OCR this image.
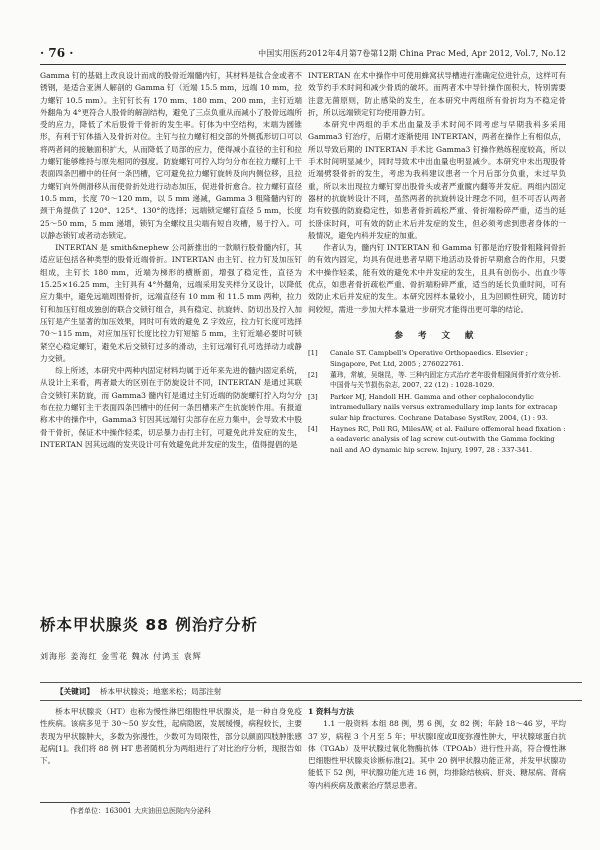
· 76 ·	中国实用医药2012年4月第7卷第12期 China Prac Med, Apr 2012, Vol.7, No.12

Gamma 钉的基础上改良设计而成的股骨近端髓内钉，其材料是钛合金或者不锈钢，是适合亚洲人解剖的 Gamma 钉（近端 15.5 mm，远端 10 mm，拉力螺钉 10.5 mm）。主钉钉长有 170 mm、180 mm、200 mm，主钉近端外翻角为 4°更符合人股骨的解剖结构，避免了三点负重从而减小了股骨远端所受的应力，降低了术后股骨干骨折的发生率。钉体为中空结构，末端为圆锥形，有利于钉体插入及骨折对位。主钉与拉力螺钉相交部的外侧孤形切口可以将两者间的接触面积扩大，从而降低了局部的应力，使得减小直径的主钉和拉力螺钉能够维持与原先相同的强度。防旋螺钉可拧入均匀分布在拉力螺钉上干表面四条凹槽中的任何一条凹槽，它可避免拉力螺钉旋转及向内侧位移，且拉力螺钉向外侧滑移从而使骨折处进行动态加压，促进骨折愈合。拉力螺钉直径 10.5 mm，长度 70～120 mm，以 5 mm 递减，Gamma 3 粗隆髓内钉的颈干角提供了 120°、125°、130°的选择；远端锁定螺钉直径 5 mm，长度 25～50 mm，5 mm 递增，锁钉为全螺纹且尖端有短自攻槽，易于拧入。可以静态锁钉或者动态锁定。

INTERTAN 是 smith&nephew 公司新推出的一款顺行股骨髓内钉，其适应证包括各种类型的股骨近端骨折。INTERTAN 由主钉、拉力钉及加压钉组成，主钉长 180 mm，近端为梯形的横断面，增强了稳定性，直径为 15.25×16.25 mm，主钉具有 4°外翻角，远端采用发夹样分叉设计，以降低应力集中，避免远端周围骨折，远端直径有 10 mm 和 11.5 mm 两种，拉力钉和加压钉组成独创的联合交锁钉组合，具有稳定、抗旋转、防切出及拧入加压钉是产生显著的加压效果，同时可有效的避免 Z 字效应，拉力钉长度可选择 70～115 mm，对应加压钉长度比拉力钉短缩 5 mm，主钉近端必要时可锁紧空心稳定螺钉，避免术后交锁钉过多的滑动，主钉远端钉孔可选择动力或静力交锁。

综上所述，本研究中两种内固定材料均属于近年来先进的髓内固定系统，从设计上来看，两者最大的区别在于防旋设计不同，INTERTAN 是通过其联合交锁钉来防旋，而 Gamma3 髓内钉是通过主钉近端的防旋螺钉拧入均匀分布在拉力螺钉主干表面四条凹槽中的任何一条凹槽来产生抗旋转作用。有报道称术中的操作中，Gamma3 钉因其远端钉尖部存在应力集中，会导致术中股骨干骨折，保证术中操作轻柔，切忌暴力击打主钉，可避免此并发症的发生，INTERTAN 因其远端的发夹设计可有效避免此并发症的发生，值得提倡的是

INTERTAN 在术中操作中可使用蜂窝状导槽进行准确定位进针点，这样可有效节约手术时间和减少骨质的破坏。而两者术中导针操作面积大，特别需要注意无菌原则，防止感染的发生，在本研究中两组所有骨折均为不稳定骨折，所以远端锁定钉均使用静力钉。

本研究中两组的手术出血量及手术时间不同考虑与早期我科多采用 Gamma3 钉治疗，后期才逐渐使用 INTERTAN，两者在操作上有相似点，所以导致后期的 INTERTAN 手术比 Gamma3 钉操作熟练程度较高，所以手术时间明显减少，同时导致术中出血量也明显减少。本研究中未出现股骨近端劈裂骨折的发生，考虑为我科建议患者一个月后部分负重，未过早负重，所以未出现拉力螺钉穿出股骨头或者严重髋内翻等并发症。两组内固定器材的抗旋转设计不同，虽然两者的抗旋转设计理念不同，但不可否认两者均有较强的防旋稳定性，如患者骨折疏松严重、骨折端粉碎严重，适当的延长卧床时间，可有效的防止术后并发症的发生，但必须考虑到患者身体的一般情况，避免内科并发症的加重。

作者认为，髓内钉 INTERTAN 和 Gamma 钉都是治疗股骨粗隆间骨折的有效内固定，均具有促进患者早期下地活动及骨折早期愈合的作用，只要术中操作轻柔，能有效的避免术中并发症的发生，且具有创伤小、出血少等优点，如患者骨折疏松严重、骨折端粉碎严重，适当的延长负重时间，可有效防止术后并发症的发生。本研究因样本量较小，且为回顾性研究，随访时间较短，需进一步加大样本量进一步研究才能得出更可靠的结论。

参 考 文 献
[1]	Canale ST. Campbell's Operative Orthopaedics. Elsevier ; Singapore, Pet Ltd, 2005 ; 276022761.
[2]	董玮，常敏，吴继昆，等. 三种内固定方式治疗老年股骨粗隆间骨折疗效分析. 中国骨与关节损伤杂志, 2007, 22 (12) : 1028-1029.
[3]	Parker MJ, Handoll HH. Gamma and other cephalocondylic intramedullary nails versus extramedullary imp lants for extracap sular hip fractures. Cochrane Database SystRev, 2004, (1) : 93.
[4]	Haynes RC, Poll RG, MilesAW, et al. Failure offemoral head fixation : a eadaveric analysis of lag screw cut-outwith the Gamma focking nail and AO dynamic hip screw. Injury, 1997, 28 : 337-341.
桥本甲状腺炎 88 例治疗分析
刘海彤 姜海红 金雪花 魏冰 付鸿玉 袁辉
【关键词】 桥本甲状腺炎；地塞米松；局部注射

桥本甲状腺炎（HT）也称为慢性淋巴细胞性甲状腺炎，是一种自身免疫性疾病。该病多见于 30～50 岁女性，起病隐匿，发展缓慢，病程较长，主要表现为甲状腺肿大，多数为弥漫性，少数可为局限性，部分以颜面四肢肿胀感起病[1]。我们将 88 例 HT 患者随机分为两组进行了对比治疗分析，现报告如下。

1 资料与方法

1.1 一般资料 本组 88 例，男 6 例，女 82 例；年龄 18～46 岁，平均 37 岁，病程 3 个月至 5 年；甲状腺Ⅰ度或Ⅱ度弥漫性肿大，甲状腺球蛋白抗体（TGAb）及甲状腺过氧化物酶抗体（TPOAb）进行性升高，符合慢性淋巴细胞性甲状腺炎诊断标准[2]。其中 20 例甲状腺功能正常，并发甲状腺功能低下 52 例，甲状腺功能亢进 16 例，均排除结核病、肝炎、糖尿病、肾病等内科疾病及激素治疗禁忌患者。

作者单位：163001 大庆油田总医院内分泌科
